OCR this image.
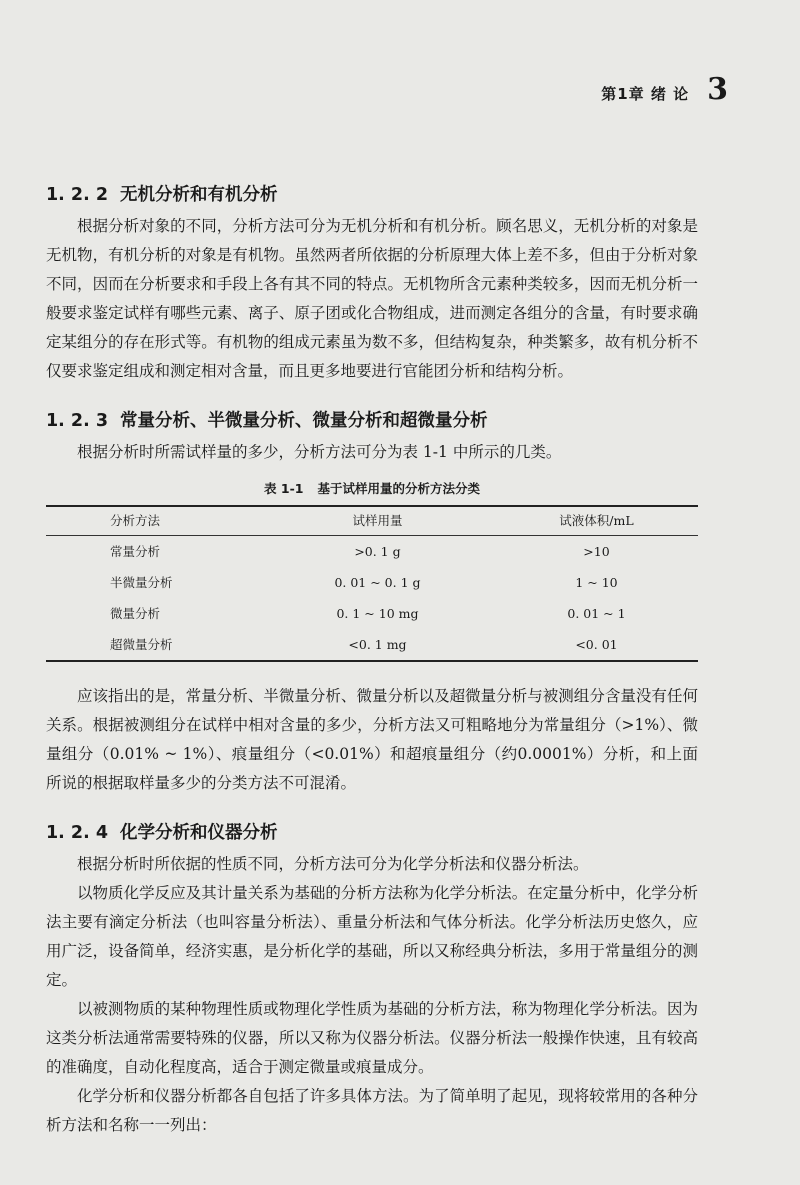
第1章 绪 论 3
1. 2. 2 无机分析和有机分析

根据分析对象的不同，分析方法可分为无机分析和有机分析。顾名思义，无机分析的对象是无机物，有机分析的对象是有机物。虽然两者所依据的分析原理大体上差不多，但由于分析对象不同，因而在分析要求和手段上各有其不同的特点。无机物所含元素种类较多，因而无机分析一般要求鉴定试样有哪些元素、离子、原子团或化合物组成，进而测定各组分的含量，有时要求确定某组分的存在形式等。有机物的组成元素虽为数不多，但结构复杂，种类繁多，故有机分析不仅要求鉴定组成和测定相对含量，而且更多地要进行官能团分析和结构分析。

1. 2. 3 常量分析、半微量分析、微量分析和超微量分析

根据分析时所需试样量的多少，分析方法可分为表 1-1 中所示的几类。

表 1-1 基于试样用量的分析方法分类
分析方法	试样用量	试液体积/mL
常量分析	>0. 1 g	>10
半微量分析	0. 01 ~ 0. 1 g	1 ~ 10
微量分析	0. 1 ~ 10 mg	0. 01 ~ 1
超微量分析	<0. 1 mg	<0. 01

应该指出的是，常量分析、半微量分析、微量分析以及超微量分析与被测组分含量没有任何关系。根据被测组分在试样中相对含量的多少，分析方法又可粗略地分为常量组分（>1%）、微量组分（0.01% ~ 1%）、痕量组分（<0.01%）和超痕量组分（约0.0001%）分析，和上面所说的根据取样量多少的分类方法不可混淆。

1. 2. 4 化学分析和仪器分析

根据分析时所依据的性质不同，分析方法可分为化学分析法和仪器分析法。

以物质化学反应及其计量关系为基础的分析方法称为化学分析法。在定量分析中，化学分析法主要有滴定分析法（也叫容量分析法）、重量分析法和气体分析法。化学分析法历史悠久，应用广泛，设备简单，经济实惠，是分析化学的基础，所以又称经典分析法，多用于常量组分的测定。

以被测物质的某种物理性质或物理化学性质为基础的分析方法，称为物理化学分析法。因为这类分析法通常需要特殊的仪器，所以又称为仪器分析法。仪器分析法一般操作快速，且有较高的准确度，自动化程度高，适合于测定微量或痕量成分。

化学分析和仪器分析都各自包括了许多具体方法。为了简单明了起见，现将较常用的各种分析方法和名称一一列出：
